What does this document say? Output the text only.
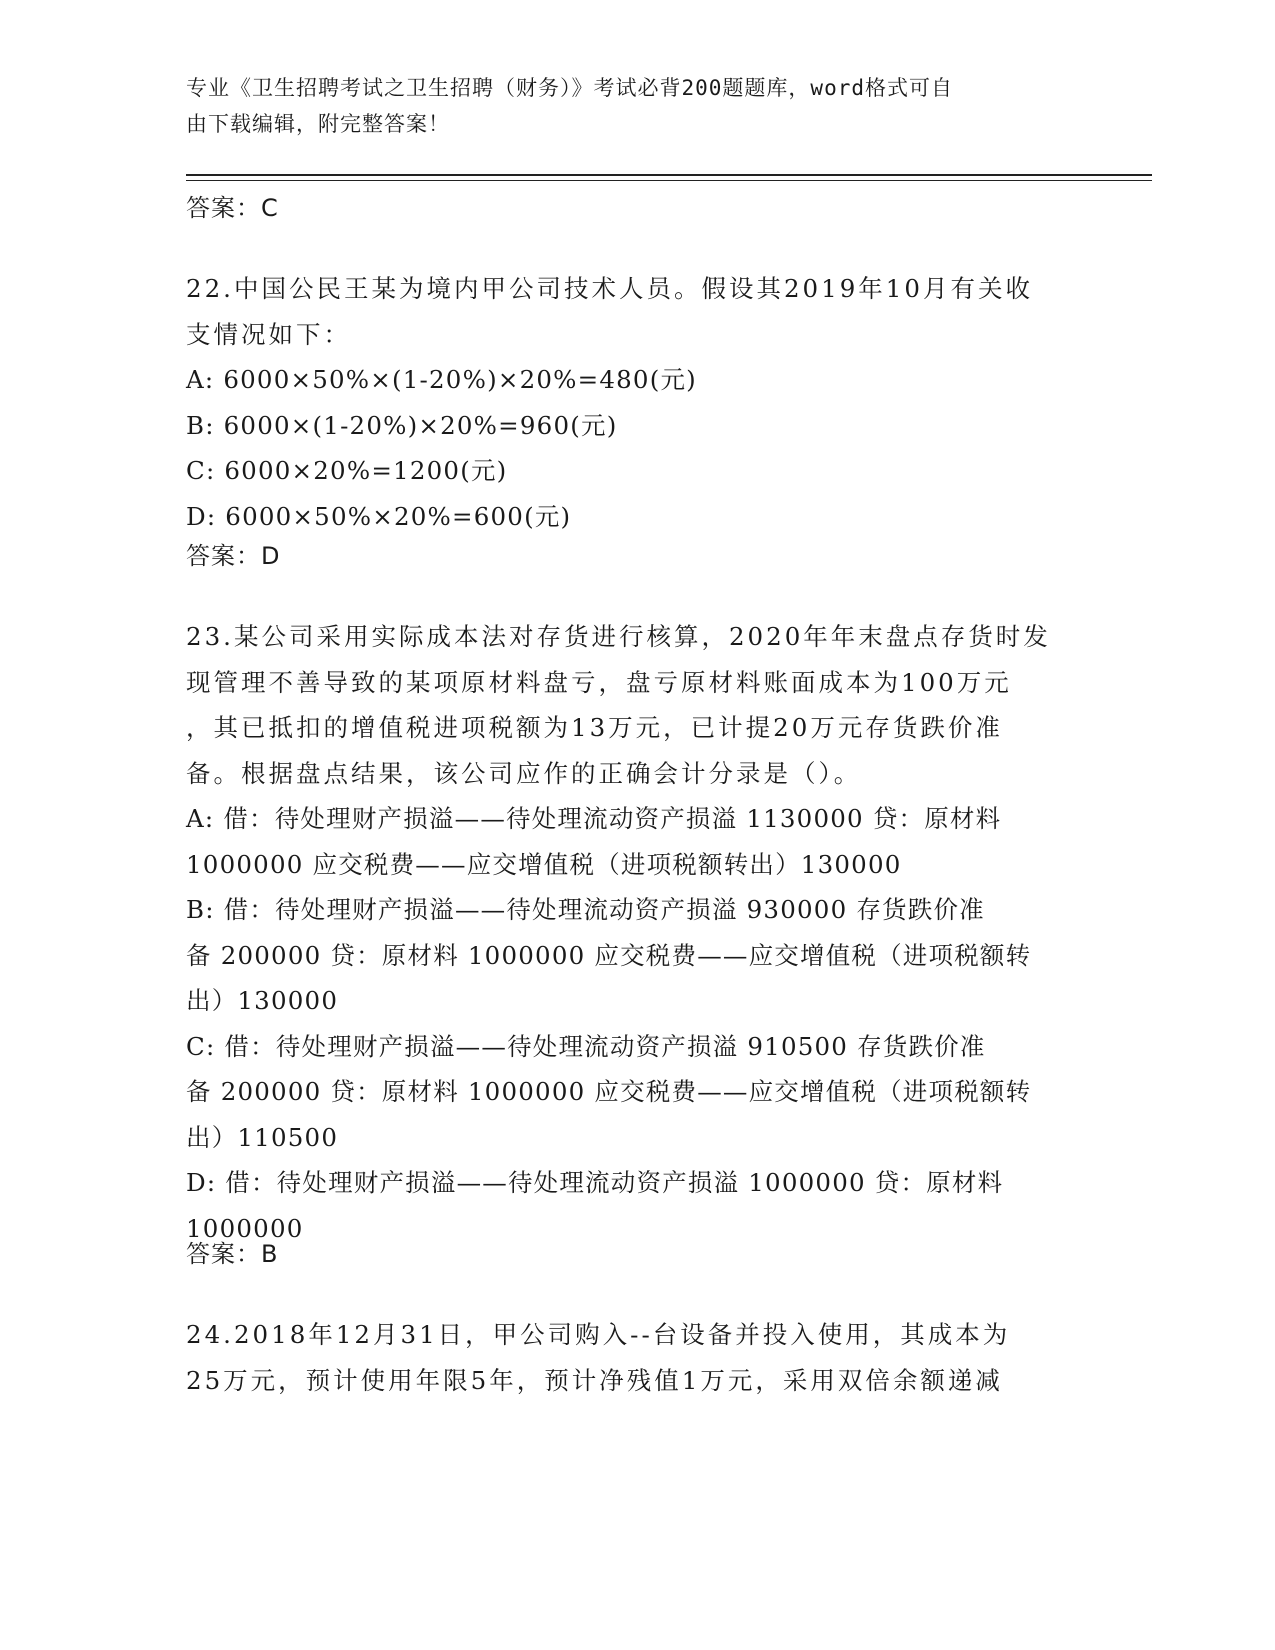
专业《卫生招聘考试之卫生招聘（财务）》考试必背200题题库，word格式可自
由下载编辑，附完整答案！
答案：C

22.中国公民王某为境内甲公司技术人员。假设其2019年10月有关收

支情况如下：

A: 6000×50%×(1-20%)×20%=480(元)

B: 6000×(1-20%)×20%=960(元)

C: 6000×20%=1200(元)

D: 6000×50%×20%=600(元)

答案：D

23.某公司采用实际成本法对存货进行核算，2020年年末盘点存货时发

现管理不善导致的某项原材料盘亏，盘亏原材料账面成本为100万元

，其已抵扣的增值税进项税额为13万元，已计提20万元存货跌价准

备。根据盘点结果，该公司应作的正确会计分录是（）。

A: 借：待处理财产损溢——待处理流动资产损溢 1130000 贷：原材料

1000000 应交税费——应交增值税（进项税额转出）130000

B: 借：待处理财产损溢——待处理流动资产损溢 930000 存货跌价准

备 200000 贷：原材料 1000000 应交税费——应交增值税（进项税额转

出）130000

C: 借：待处理财产损溢——待处理流动资产损溢 910500 存货跌价准

备 200000 贷：原材料 1000000 应交税费——应交增值税（进项税额转

出）110500

D: 借：待处理财产损溢——待处理流动资产损溢 1000000 贷：原材料

1000000

答案：B

24.2018年12月31日，甲公司购入--台设备并投入使用，其成本为

25万元，预计使用年限5年，预计净残值1万元，采用双倍余额递减
